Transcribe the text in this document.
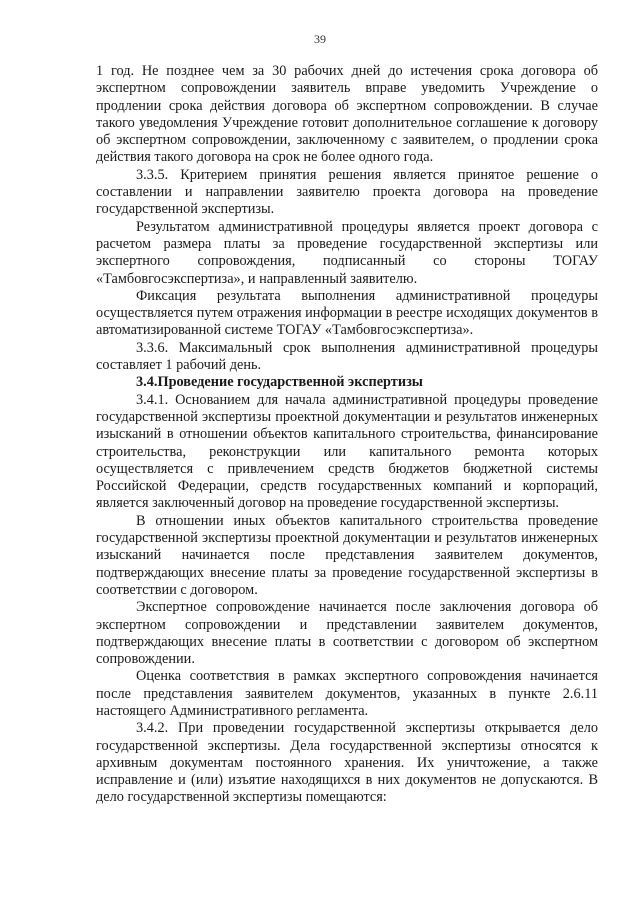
39

1 год. Не позднее чем за 30 рабочих дней до истечения срока договора об экспертном сопровождении заявитель вправе уведомить Учреждение о продлении срока действия договора об экспертном сопровождении. В случае такого уведомления Учреждение готовит дополнительное соглашение к договору об экспертном сопровождении, заключенному с заявителем, о продлении срока действия такого договора на срок не более одного года.

3.3.5. Критерием принятия решения является принятое решение о составлении и направлении заявителю проекта договора на проведение государственной экспертизы.

Результатом административной процедуры является проект договора с расчетом размера платы за проведение государственной экспертизы или экспертного сопровождения, подписанный со стороны ТОГАУ «Тамбовгосэкспертиза», и направленный заявителю.

Фиксация результата выполнения административной процедуры осуществляется путем отражения информации в реестре исходящих документов в автоматизированной системе ТОГАУ «Тамбовгосэкспертиза».

3.3.6. Максимальный срок выполнения административной процедуры составляет 1 рабочий день.

3.4.Проведение государственной экспертизы

3.4.1. Основанием для начала административной процедуры проведение государственной экспертизы проектной документации и результатов инженерных изысканий в отношении объектов капитального строительства, финансирование строительства, реконструкции или капитального ремонта которых осуществляется с привлечением средств бюджетов бюджетной системы Российской Федерации, средств государственных компаний и корпораций, является заключенный договор на проведение государственной экспертизы.

В отношении иных объектов капитального строительства проведение государственной экспертизы проектной документации и результатов инженерных изысканий начинается после представления заявителем документов, подтверждающих внесение платы за проведение государственной экспертизы в соответствии с договором.

Экспертное сопровождение начинается после заключения договора об экспертном сопровождении и представлении заявителем документов, подтверждающих внесение платы в соответствии с договором об экспертном сопровождении.

Оценка соответствия в рамках экспертного сопровождения начинается после представления заявителем документов, указанных в пункте 2.6.11 настоящего Административного регламента.

3.4.2. При проведении государственной экспертизы открывается дело государственной экспертизы. Дела государственной экспертизы относятся к архивным документам постоянного хранения. Их уничтожение, а также исправление и (или) изъятие находящихся в них документов не допускаются. В дело государственной экспертизы помещаются:
